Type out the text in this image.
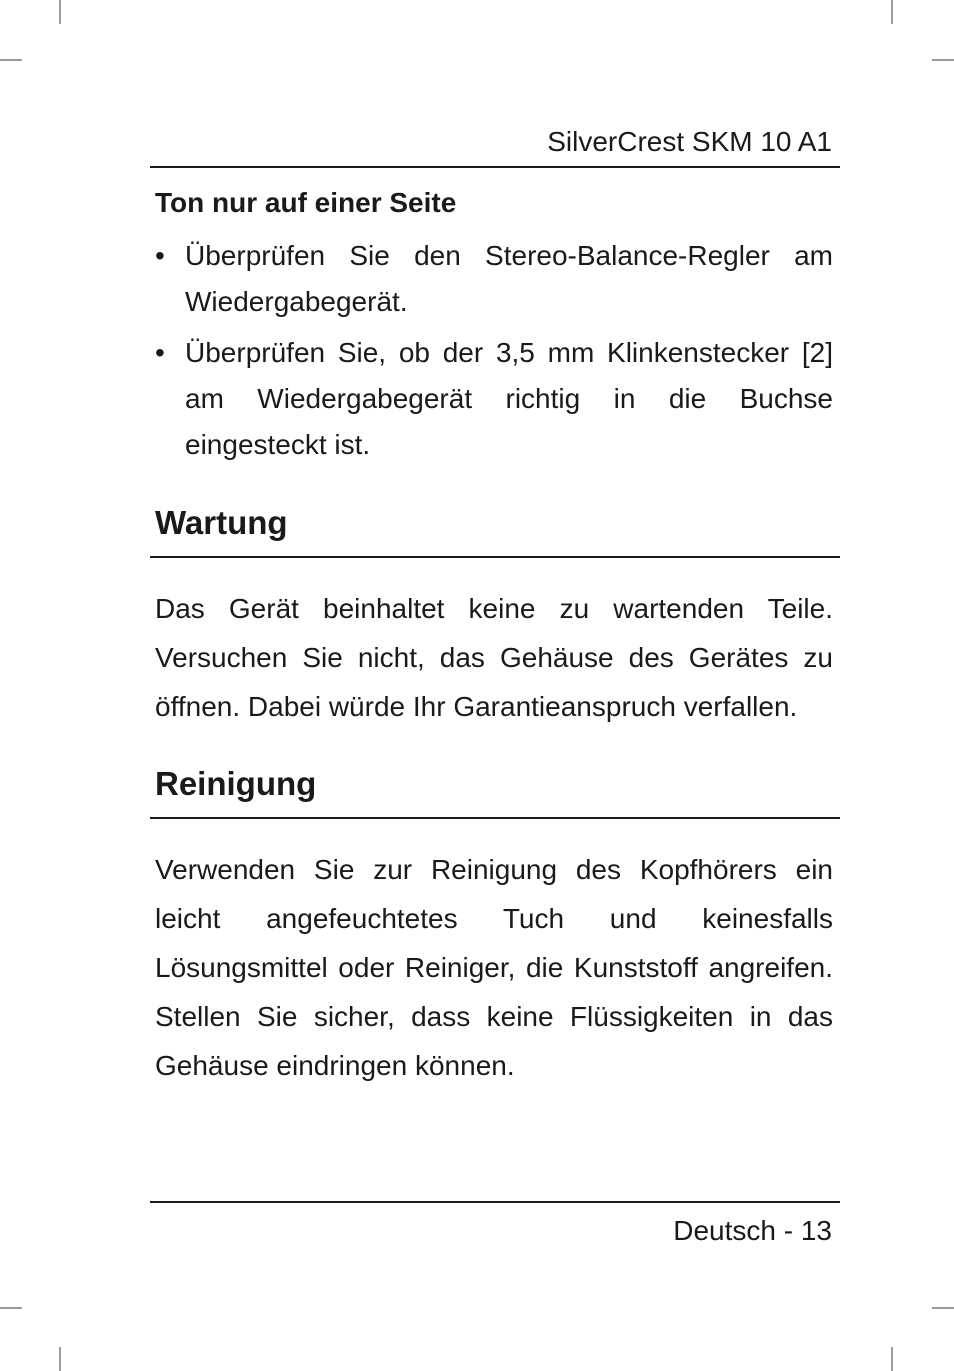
SilverCrest SKM 10 A1
Ton nur auf einer Seite
• Überprüfen Sie den Stereo-Balance-Regler am Wiedergabegerät.
• Überprüfen Sie, ob der 3,5 mm Klinkenstecker [2] am Wiedergabegerät richtig in die Buchse eingesteckt ist.
Wartung
Das Gerät beinhaltet keine zu wartenden Teile. Versuchen Sie nicht, das Gehäuse des Gerätes zu öffnen. Dabei würde Ihr Garantieanspruch verfallen.
Reinigung
Verwenden Sie zur Reinigung des Kopfhörers ein leicht angefeuchtetes Tuch und keinesfalls Lösungsmittel oder Reiniger, die Kunststoff angreifen. Stellen Sie sicher, dass keine Flüssigkeiten in das Gehäuse eindringen können.
Deutsch - 13
